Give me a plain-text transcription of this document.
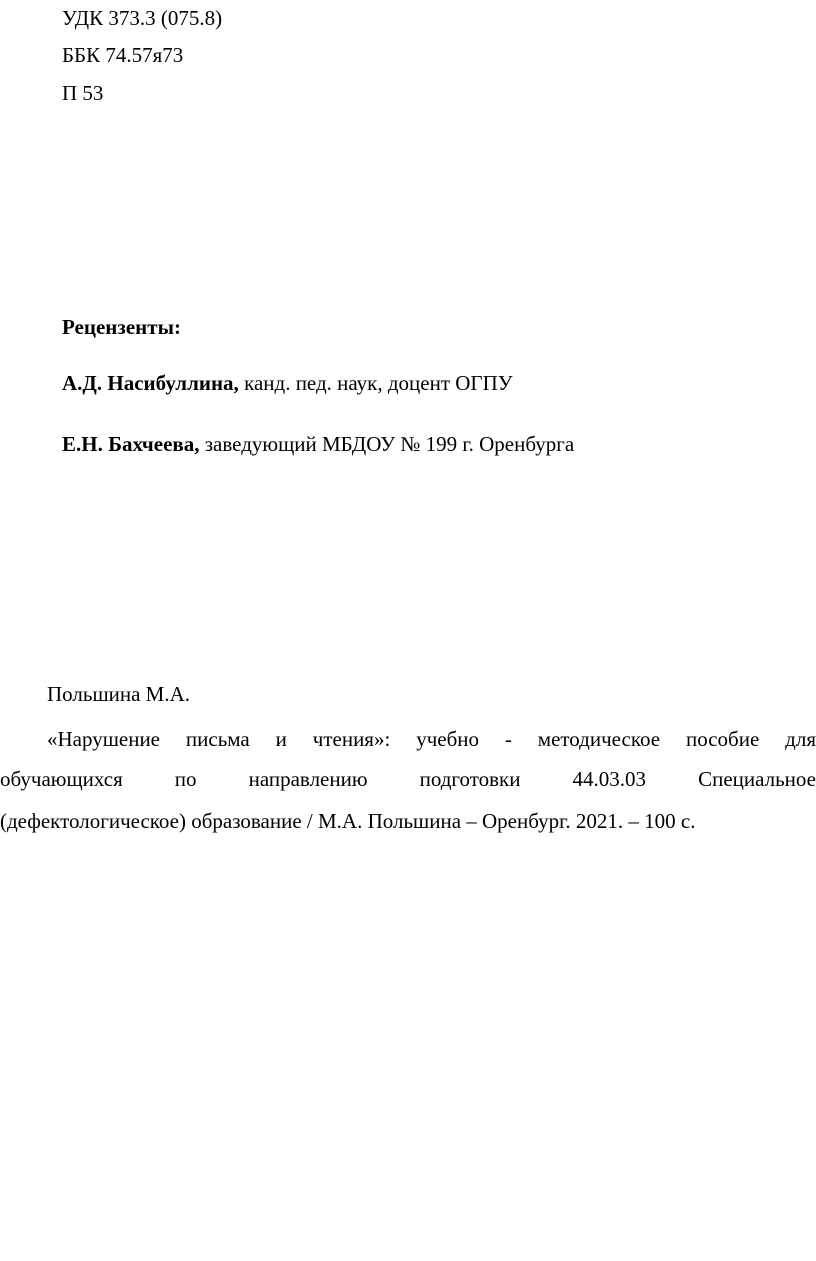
УДК 373.3 (075.8)
ББК 74.57я73
П 53
Рецензенты:
А.Д. Насибуллина, канд. пед. наук, доцент ОГПУ
Е.Н. Бахчеева, заведующий МБДОУ № 199 г. Оренбурга
Польшина М.А.
«Нарушение письма и чтения»: учебно - методическое пособие для
обучающихся по направлению подготовки 44.03.03 Специальное
(дефектологическое) образование / М.А. Польшина – Оренбург. 2021. – 100 с.
